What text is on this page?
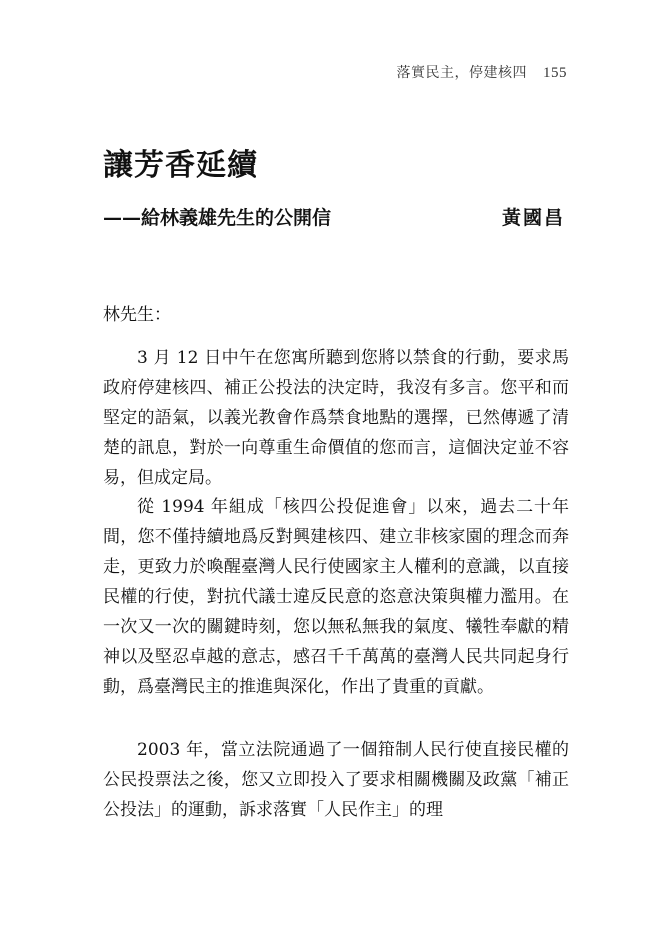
落實民主，停建核四 155
讓芳香延續
——給林義雄先生的公開信	黃國昌
林先生：

3 月 12 日中午在您寓所聽到您將以禁食的行動，要求馬政府停建核四、補正公投法的決定時，我沒有多言。您平和而堅定的語氣，以義光教會作爲禁食地點的選擇，已然傳遞了清楚的訊息，對於一向尊重生命價值的您而言，這個決定並不容易，但成定局。

從 1994 年組成「核四公投促進會」以來，過去二十年間，您不僅持續地爲反對興建核四、建立非核家園的理念而奔走，更致力於喚醒臺灣人民行使國家主人權利的意識，以直接民權的行使，對抗代議士違反民意的恣意決策與權力濫用。在一次又一次的關鍵時刻，您以無私無我的氣度、犧牲奉獻的精神以及堅忍卓越的意志，感召千千萬萬的臺灣人民共同起身行動，爲臺灣民主的推進與深化，作出了貴重的貢獻。

2003 年，當立法院通過了一個箝制人民行使直接民權的公民投票法之後，您又立即投入了要求相關機關及政黨「補正公投法」的運動，訴求落實「人民作主」的理
